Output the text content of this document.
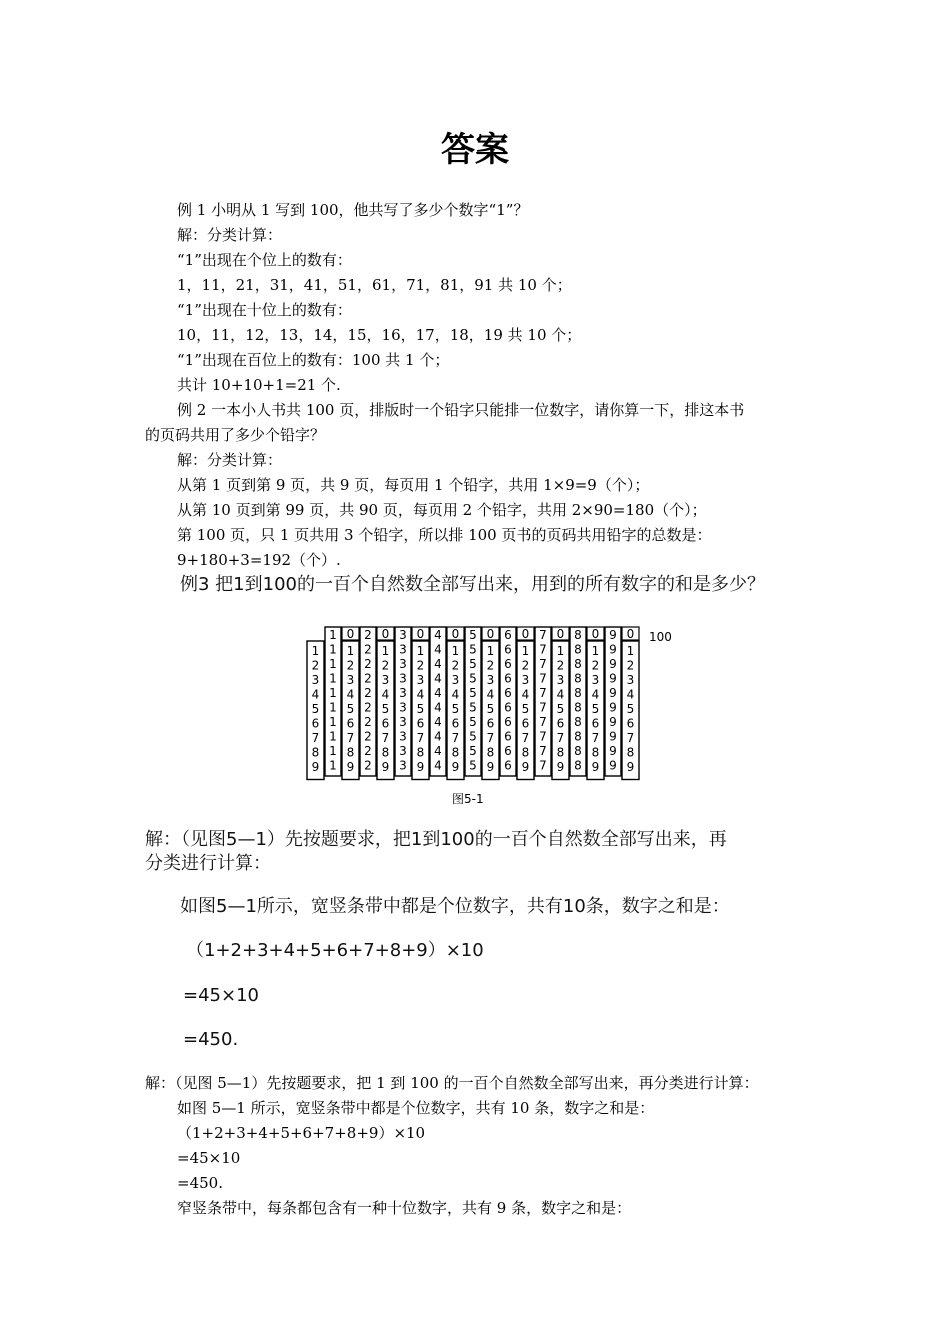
答案
例 1 小明从 1 写到 100，他共写了多少个数字“1”？
解：分类计算：
“1”出现在个位上的数有：
1，11，21，31，41，51，61，71，81，91 共 10 个；
“1”出现在十位上的数有：
10，11，12，13，14，15，16，17，18，19 共 10 个；
“1”出现在百位上的数有：100 共 1 个；
共计 10+10+1=21 个.
例 2 一本小人书共 100 页，排版时一个铅字只能排一位数字，请你算一下，排这本书
的页码共用了多少个铅字？
解：分类计算：
从第 1 页到第 9 页，共 9 页，每页用 1 个铅字，共用 1×9=9（个）；
从第 10 页到第 99 页，共 90 页，每页用 2 个铅字，共用 2×90=180（个）；
第 100 页，只 1 页共用 3 个铅字，所以排 100 页书的页码共用铅字的总数是：
9+180+3=192（个）.
例3 把1到100的一百个自然数全部写出来，用到的所有数字的和是多少？
1
2
3
4
5
6
7
8
9
1
1
1
1
1
1
1
1
1
1
0
1
2
3
4
5
6
7
8
9
2
2
2
2
2
2
2
2
2
2
0
1
2
3
4
5
6
7
8
9
3
3
3
3
3
3
3
3
3
3
0
1
2
3
4
5
6
7
8
9
4
4
4
4
4
4
4
4
4
4
0
1
2
3
4
5
6
7
8
9
5
5
5
5
5
5
5
5
5
5
0
1
2
3
4
5
6
7
8
9
6
6
6
6
6
6
6
6
6
6
0
1
2
3
4
5
6
7
8
9
7
7
7
7
7
7
7
7
7
7
0
1
2
3
4
5
6
7
8
9
8
8
8
8
8
8
8
8
8
8
0
1
2
3
4
5
6
7
8
9
9
9
9
9
9
9
9
9
9
9
0
1
2
3
4
5
6
7
8
9
100
图5-1
解：（见图5—1）先按题要求，把1到100的一百个自然数全部写出来，再
分类进行计算：
如图5—1所示，宽竖条带中都是个位数字，共有10条，数字之和是：
（1+2+3+4+5+6+7+8+9）×10
=45×10
=450.
解：（见图 5—1）先按题要求，把 1 到 100 的一百个自然数全部写出来，再分类进行计算：
如图 5—1 所示，宽竖条带中都是个位数字，共有 10 条，数字之和是：
（1+2+3+4+5+6+7+8+9）×10
=45×10
=450.
窄竖条带中，每条都包含有一种十位数字，共有 9 条，数字之和是：
